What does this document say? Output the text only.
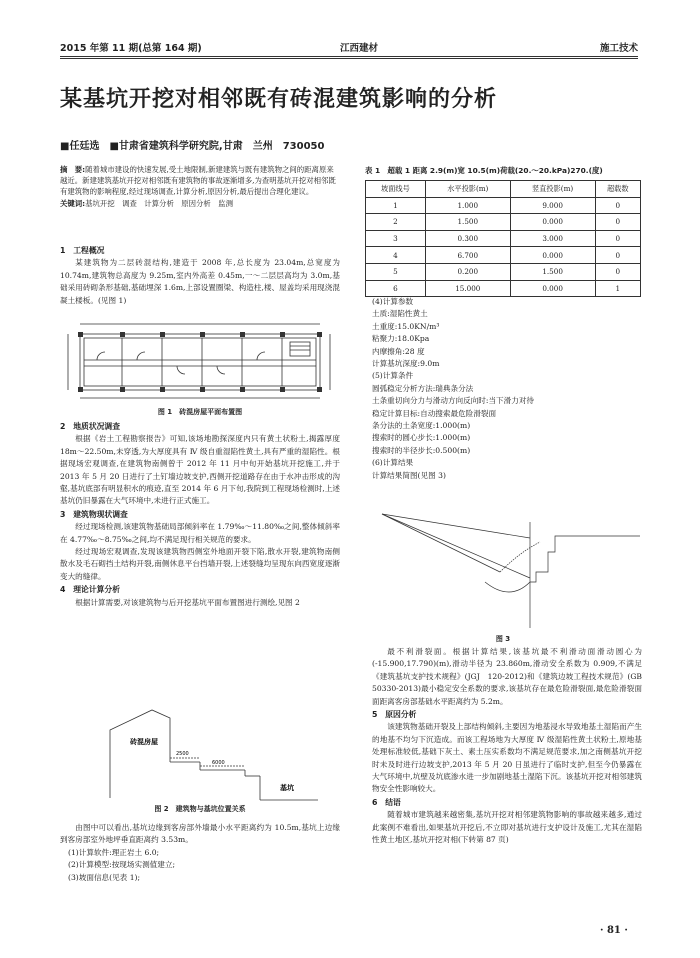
2015 年第 11 期(总第 164 期)	江西建材	施工技术
某基坑开挖对相邻既有砖混建筑影响的分析
■任廷选　■甘肃省建筑科学研究院,甘肃　兰州　730050
摘　要:随着城市建设的快速发展,受土地限制,新建建筑与既有建筑物之间的距离原来越近。新建建筑基坑开挖对相邻既有建筑物的事故逐渐增多,为查明基坑开挖对相邻既有建筑物的影响程度,经过现场调查,计算分析,原因分析,最后提出合理化建议。
关键词:基坑开挖　调查　计算分析　原因分析　监测
1　工程概况

某建筑物为二层砖混结构,建造于 2008 年,总长度为 23.04m,总宽度为 10.74m,建筑物总高度为 9.25m,室内外高差 0.45m,一～二层层高均为 3.0m,基础采用砖砌条形基础,基础埋深 1.6m,上部设置圈梁、构造柱,楼、屋盖均采用现浇混凝土楼板。(见图 1)

图 1　砖混房屋平面布置图
2　地质状况调查

根据《岩土工程勘察报告》可知,该场地勘探深度内只有黄土状粉土,揭露厚度 18m～22.50m,未穿透,为大厚度具有 Ⅳ 级自重湿陷性黄土,具有严重的湿陷性。根据现场宏观调查,在建筑物南侧曾于 2012 年 11 月中旬开始基坑开挖施工,并于 2013 年 5 月 20 日进行了土钉墙边坡支护,西侧开挖道路存在由于水冲击形成的沟壑,基坑底部有明显积水的痕迹,直至 2014 年 6 月下旬,我院到工程现场检测时,上述基坑仍旧暴露在大气环境中,未进行正式施工。

3　建筑物现状调查

经过现场检测,该建筑物基础局部倾斜率在 1.79‰～11.80‰之间,整体倾斜率在 4.77‰～8.75‰之间,均不满足现行相关规范的要求。

经过现场宏观调查,发现该建筑物西侧室外地面开裂下陷,散水开裂,建筑物南侧散水及毛石砌挡土结构开裂,南侧休息平台挡墙开裂,上述裂缝均呈现东向西宽度逐渐变大的缝律。

4　理论计算分析

根据计算需要,对该建筑物与后开挖基坑平面布置图进行测绘,见图 2

砖混房屋
基坑
2500
6000
图 2　建筑物与基坑位置关系

由图中可以看出,基坑边缘到客房部外墙最小水平距离约为 10.5m,基坑上边缘到客房部室外地坪垂直距离约 3.53m。

(1)计算软件:理正岩土 6.0;

(2)计算模型:按现场实测值建立;

(3)坡面信息(见表 1);

表 1　超载 1 距离 2.9(m)宽 10.5(m)荷载(20.～20.kPa)270.(度)
坡面线号	水平投影(m)	竖直投影(m)	超载数
1	1.000	9.000	0
2	1.500	0.000	0
3	0.300	3.000	0
4	6.700	0.000	0
5	0.200	1.500	0
6	15.000	0.000	1

(4)计算参数

土质:湿陷性黄土

土重度:15.0KN/m³

粘聚力:18.0Kpa

内摩擦角:28 度

计算基坑深度:9.0m

(5)计算条件

圆弧稳定分析方法:瑞典条分法

土条重切向分力与滑动方向反向时:当下滑力对待

稳定计算目标:自动搜索最危险滑裂面

条分法的土条宽度:1.000(m)

搜索时的圆心步长:1.000(m)

搜索时的半径步长:0.500(m)

(6)计算结果

计算结果简图(见图 3)

图 3

最不利滑裂面。根据计算结果,该基坑最不利滑动面滑动圆心为(-15.900,17.790)(m),滑动半径为 23.860m,滑动安全系数为 0.909,不满足《建筑基坑支护技术规程》(JGJ　120-2012)和《建筑边坡工程技术规范》(GB　50330-2013)最小稳定安全系数的要求,该基坑存在最危险滑裂面,最危险滑裂面面距离客房部基础水平距离约为 5.2m。

5　原因分析

该建筑物基础开裂及上部结构倾斜,主要因为地基浸水导致地基土湿陷而产生的地基不均匀下沉造成。而该工程场地为大厚度 Ⅳ 级湿陷性黄土状粉土,原地基处理标准较低,基础下灰土、素土压实系数均不满足规范要求,加之南侧基坑开挖时未及时进行边坡支护,2013 年 5 月 20 日虽进行了临时支护,但至今仍暴露在大气环境中,坑壁及坑底渗水进一步加剧地基土湿陷下沉。该基坑开挖对相邻建筑物安全性影响较大。

6　结语

随着城市建筑越来越密集,基坑开挖对相邻建筑物影响的事故越来越多,通过此案例不难看出,如果基坑开挖后,不立即对基坑进行支护设计及施工,尤其在湿陷性黄土地区,基坑开挖对相(下转第 87 页)

· 81 ·
